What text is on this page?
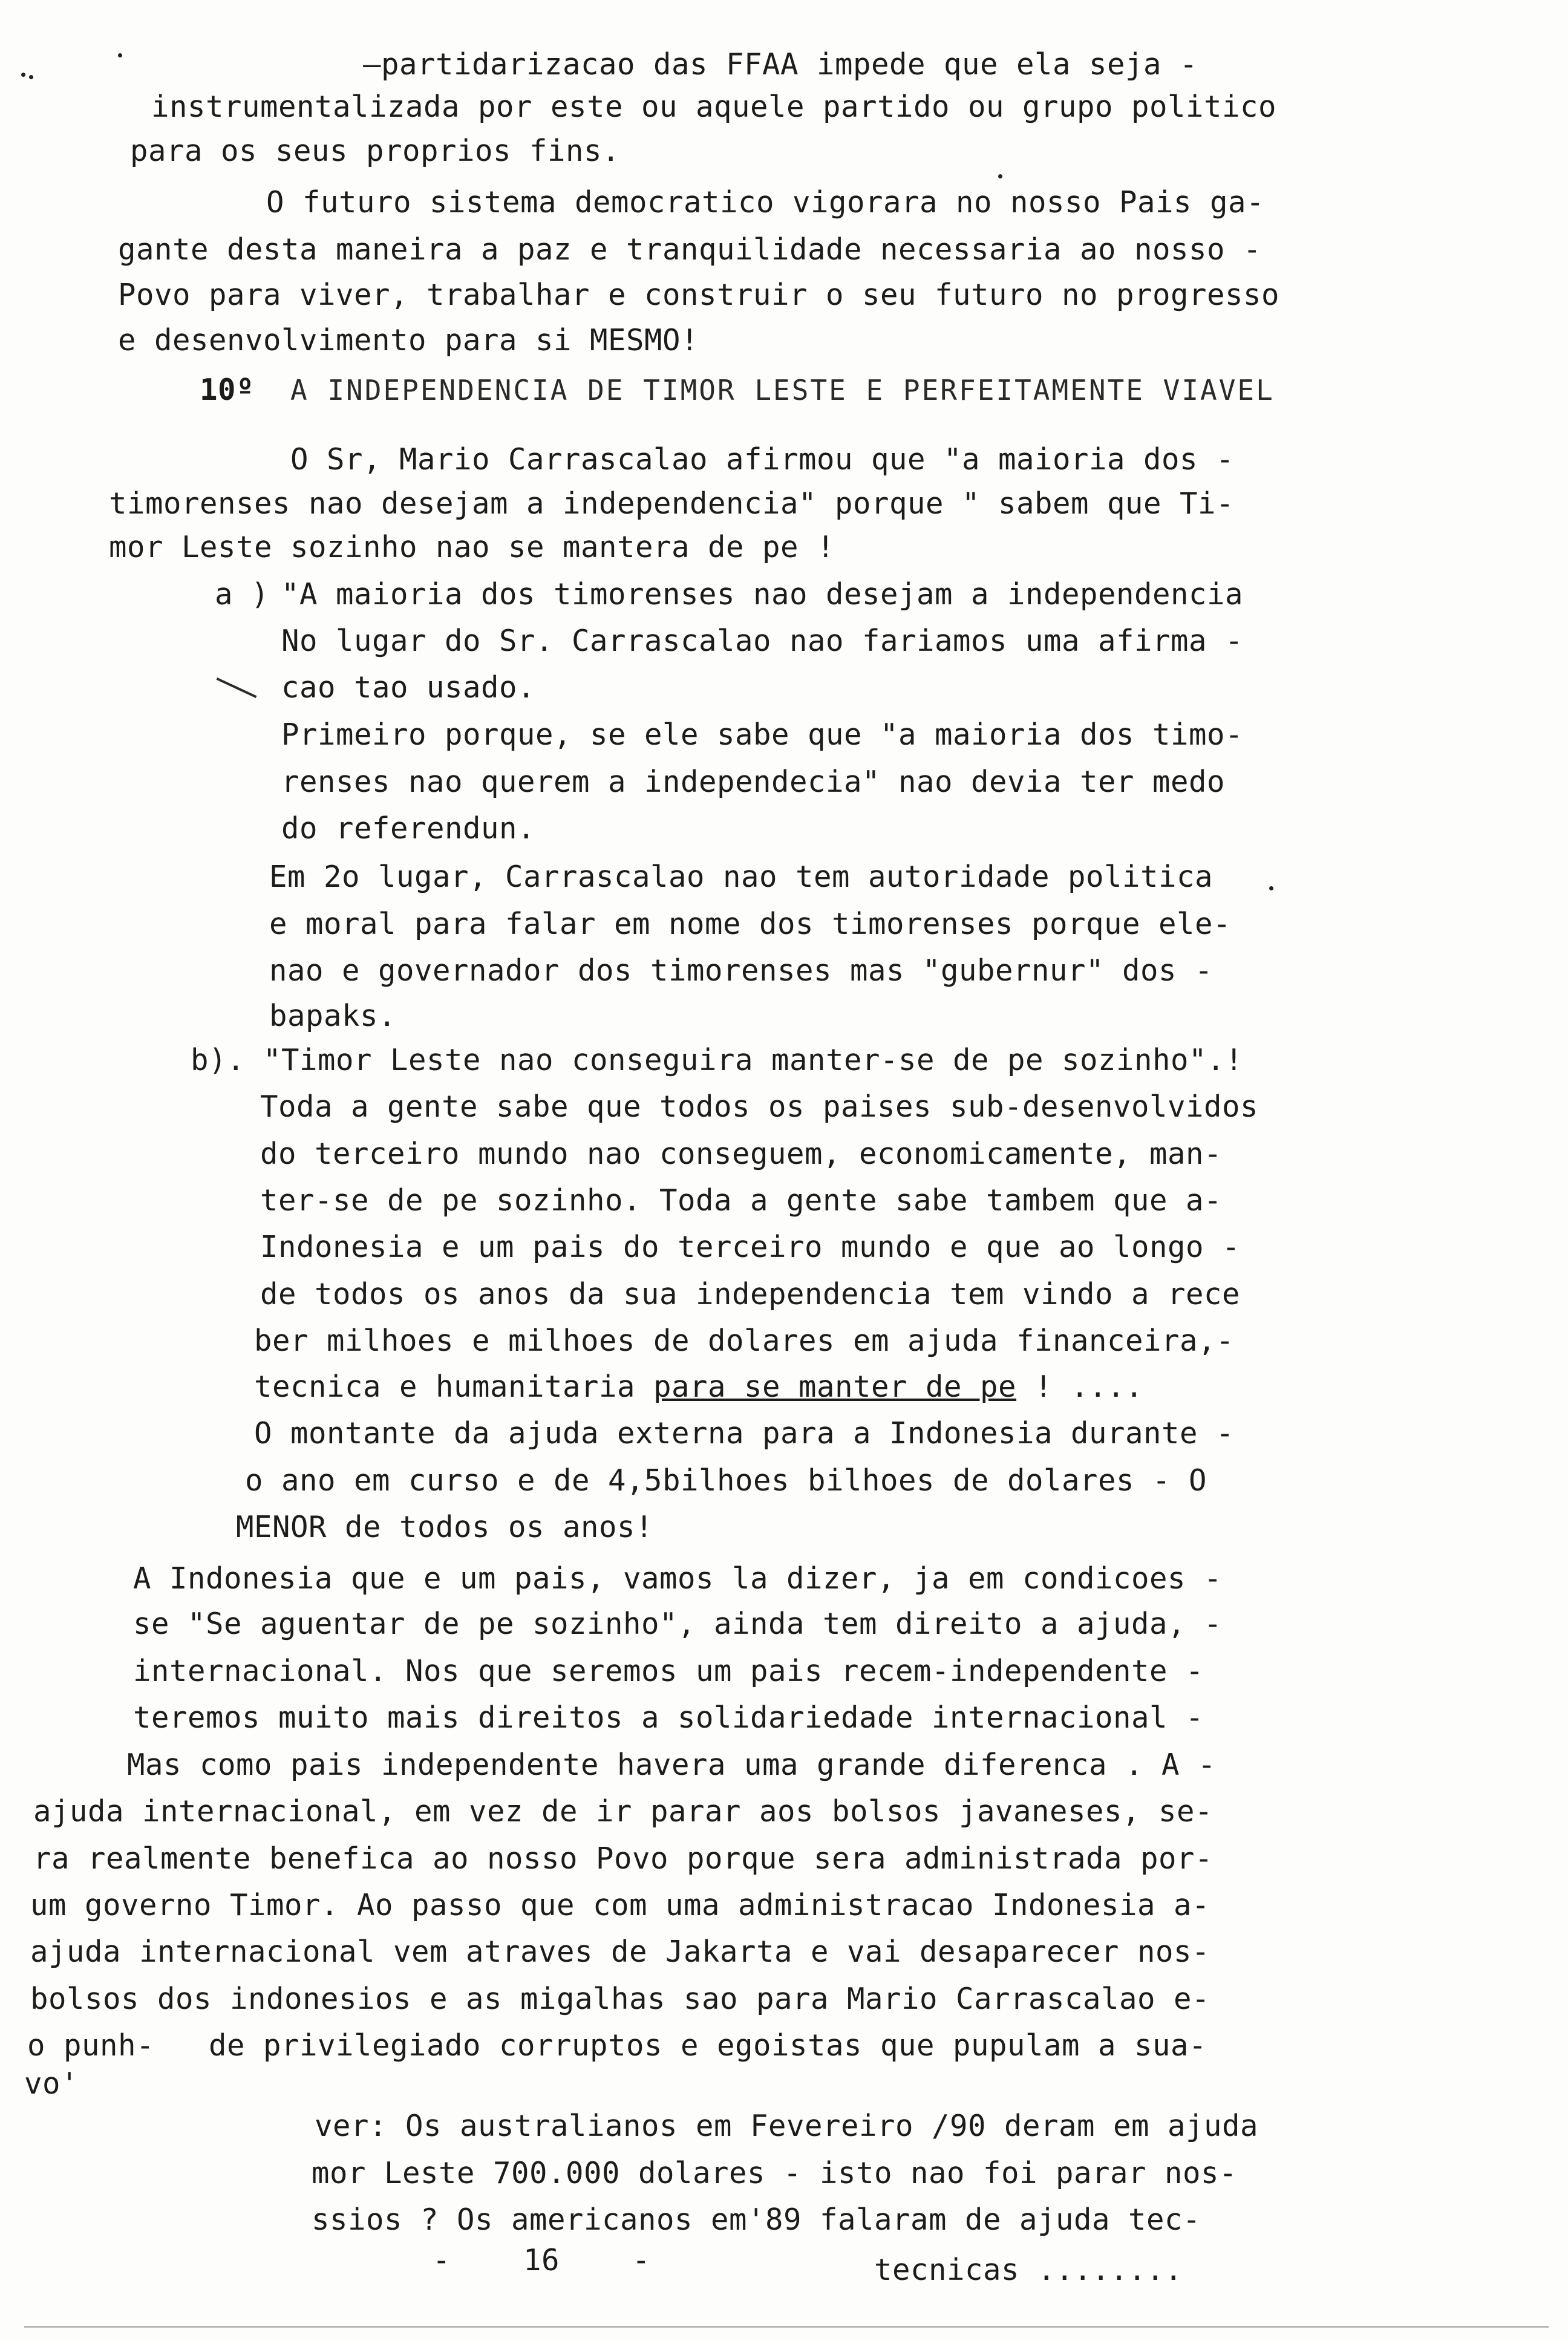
—partidarizacao das FFAA impede que ela seja -
instrumentalizada por este ou aquele partido ou grupo politico
para os seus proprios fins.
O futuro sistema democratico vigorara no nosso Pais ga-
gante desta maneira a paz e tranquilidade necessaria ao nosso -
Povo para viver, trabalhar e construir o seu futuro no progresso
e desenvolvimento para si MESMO!
10º A INDEPENDENCIA DE TIMOR LESTE E PERFEITAMENTE VIAVEL
O Sr, Mario Carrascalao afirmou que "a maioria dos -
timorenses nao desejam a independencia" porque " sabem que Ti-
mor Leste sozinho nao se mantera de pe !
a ) "A maioria dos timorenses nao desejam a independencia
No lugar do Sr. Carrascalao nao fariamos uma afirma -
cao tao usado.
Primeiro porque, se ele sabe que "a maioria dos timo-
renses nao querem a independecia" nao devia ter medo
do referendun.
Em 2o lugar, Carrascalao nao tem autoridade politica
e moral para falar em nome dos timorenses porque ele-
nao e governador dos timorenses mas "gubernur" dos -
bapaks.
b). "Timor Leste nao conseguira manter-se de pe sozinho".!
Toda a gente sabe que todos os paises sub-desenvolvidos
do terceiro mundo nao conseguem, economicamente, man-
ter-se de pe sozinho. Toda a gente sabe tambem que a-
Indonesia e um pais do terceiro mundo e que ao longo -
de todos os anos da sua independencia tem vindo a rece
ber milhoes e milhoes de dolares em ajuda financeira,-
tecnica e humanitaria para se manter de pe ! ....
O montante da ajuda externa para a Indonesia durante -
o ano em curso e de 4,5bilhoes bilhoes de dolares - O
MENOR de todos os anos!
A Indonesia que e um pais, vamos la dizer, ja em condicoes -
se "Se aguentar de pe sozinho", ainda tem direito a ajuda, -
internacional. Nos que seremos um pais recem-independente -
teremos muito mais direitos a solidariedade internacional -
Mas como pais independente havera uma grande diferenca . A -
ajuda internacional, em vez de ir parar aos bolsos javaneses, se-
ra realmente benefica ao nosso Povo porque sera administrada por-
um governo Timor. Ao passo que com uma administracao Indonesia a-
ajuda internacional vem atraves de Jakarta e vai desaparecer nos-
bolsos dos indonesios e as migalhas sao para Mario Carrascalao e-
o punh-   de privilegiado corruptos e egoistas que pupulam a sua-
vo'
ver: Os australianos em Fevereiro /90 deram em ajuda
mor Leste 700.000 dolares - isto nao foi parar nos-
ssios ? Os americanos em'89 falaram de ajuda tec-
-    16    -	tecnicas ........
